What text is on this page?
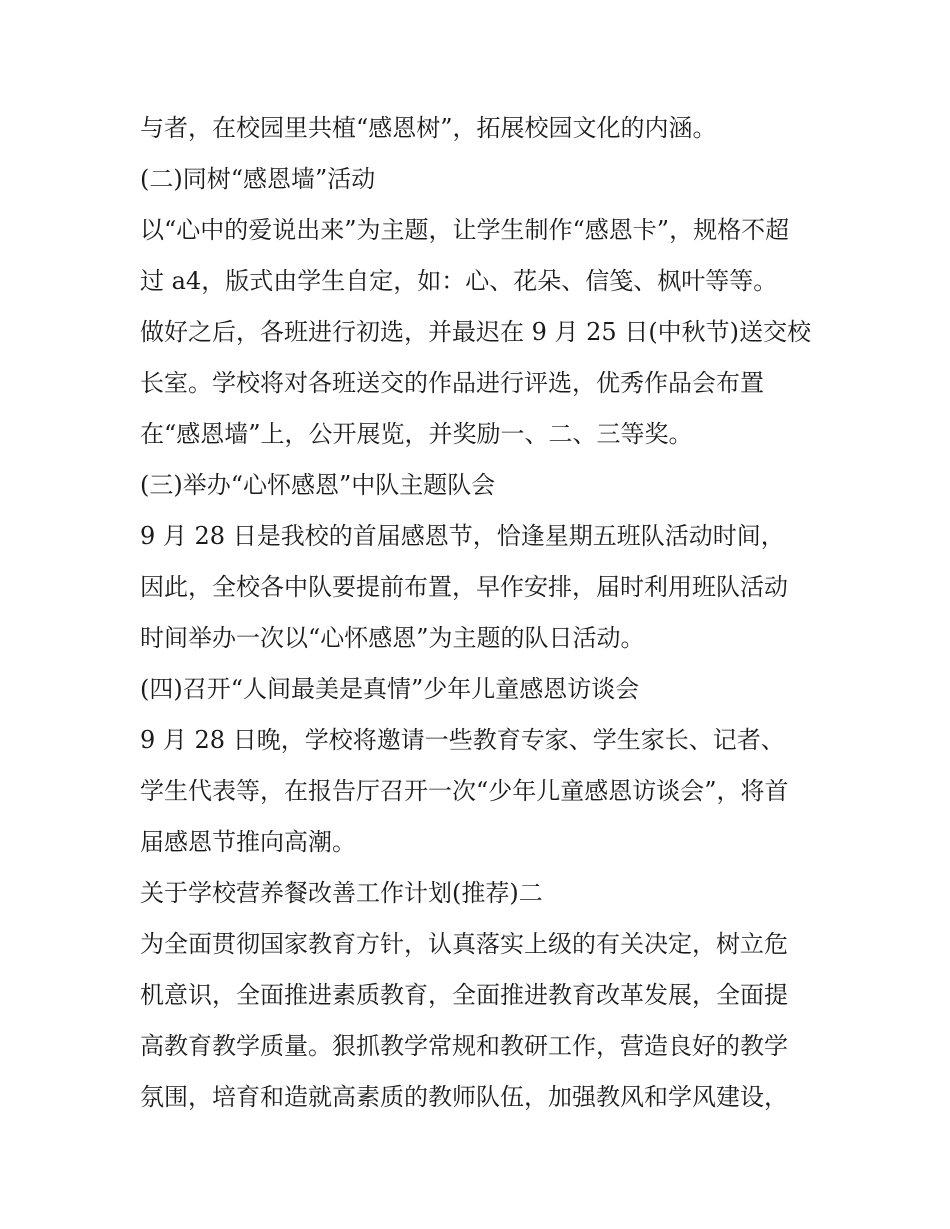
与者，在校园里共植“感恩树”，拓展校园文化的内涵。
(二)同树“感恩墙”活动
以“心中的爱说出来”为主题，让学生制作“感恩卡”，规格不超
过 a4，版式由学生自定，如：心、花朵、信笺、枫叶等等。
做好之后，各班进行初选，并最迟在 9 月 25 日(中秋节)送交校
长室。学校将对各班送交的作品进行评选，优秀作品会布置
在“感恩墙”上，公开展览，并奖励一、二、三等奖。
(三)举办“心怀感恩”中队主题队会
9 月 28 日是我校的首届感恩节，恰逢星期五班队活动时间，
因此，全校各中队要提前布置，早作安排，届时利用班队活动
时间举办一次以“心怀感恩”为主题的队日活动。
(四)召开“人间最美是真情”少年儿童感恩访谈会
9 月 28 日晚，学校将邀请一些教育专家、学生家长、记者、
学生代表等，在报告厅召开一次“少年儿童感恩访谈会”，将首
届感恩节推向高潮。
关于学校营养餐改善工作计划(推荐)二
为全面贯彻国家教育方针，认真落实上级的有关决定，树立危
机意识，全面推进素质教育，全面推进教育改革发展，全面提
高教育教学质量。狠抓教学常规和教研工作，营造良好的教学
氛围，培育和造就高素质的教师队伍，加强教风和学风建设，
